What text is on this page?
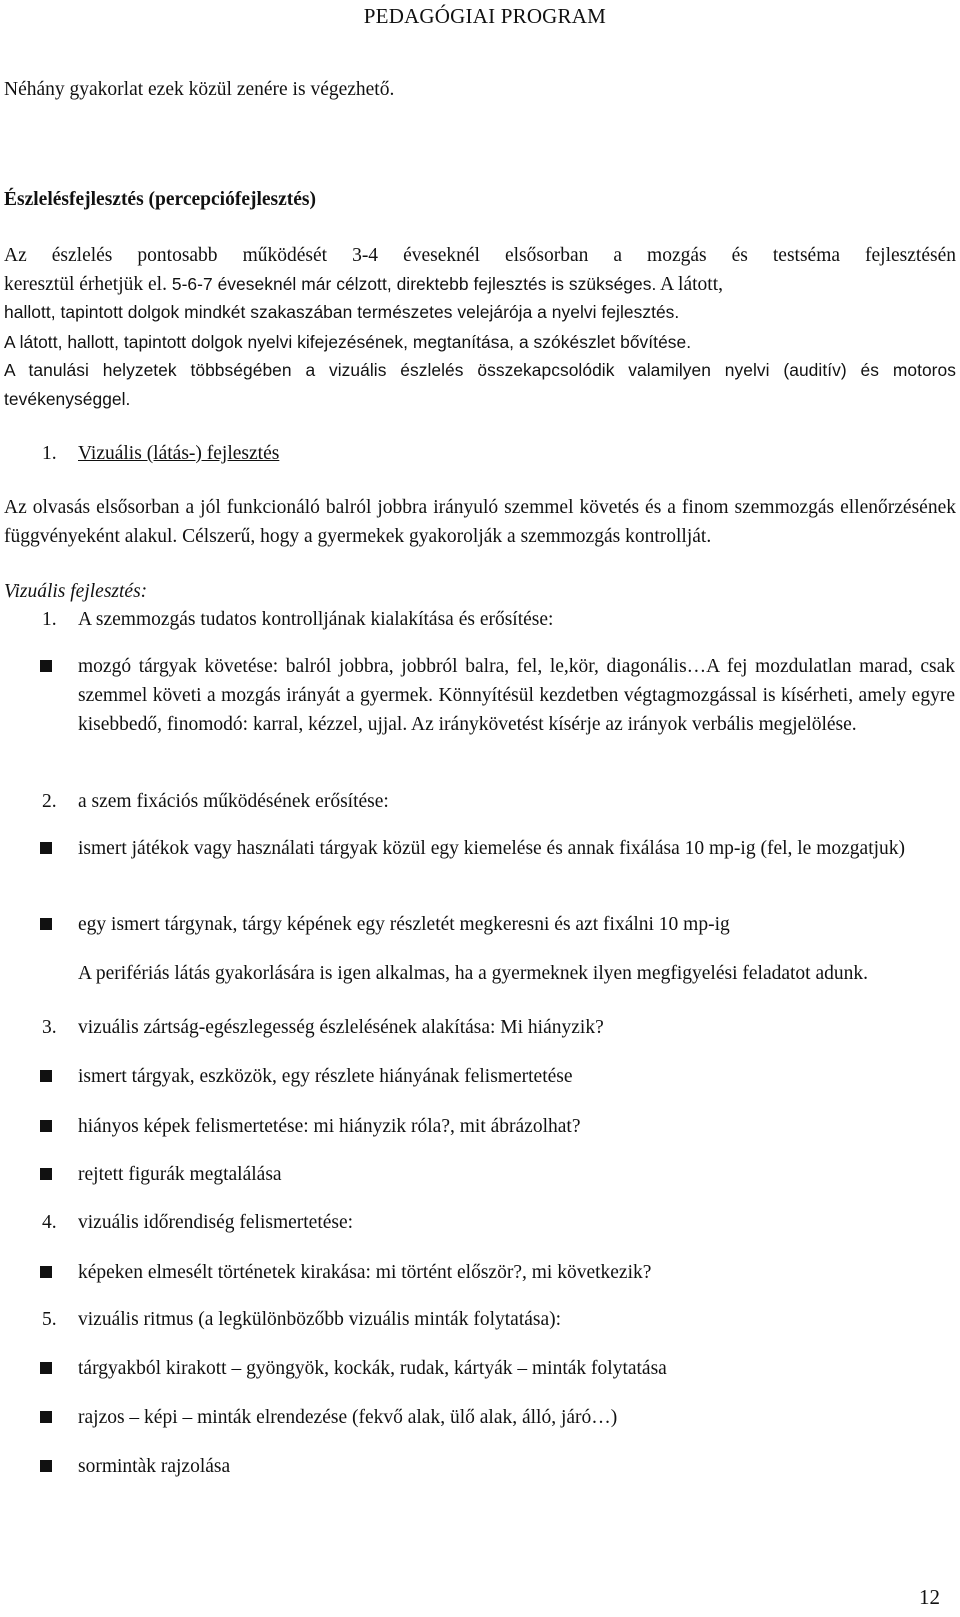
PEDAGÓGIAI PROGRAM
Néhány gyakorlat ezek közül zenére is végezhető.
Észlelésfejlesztés (percepciófejlesztés)
Az észlelés pontosabb működését 3-4 éveseknél elsősorban a mozgás és testséma fejlesztésén
keresztül érhetjük el. 5-6-7 éveseknél már célzott, direktebb fejlesztés is szükséges. A látott,
hallott, tapintott dolgok mindkét szakaszában természetes velejárója a nyelvi fejlesztés.
A látott, hallott, tapintott dolgok nyelvi kifejezésének, megtanítása, a szókészlet bővítése.
A tanulási helyzetek többségében a vizuális észlelés összekapcsolódik valamilyen nyelvi (auditív) és motoros tevékenységgel.
1. Vizuális (látás-) fejlesztés
Az olvasás elsősorban a jól funkcionáló balról jobbra irányuló szemmel követés és a finom szemmozgás ellenőrzésének függvényeként alakul. Célszerű, hogy a gyermekek gyakorolják a szemmozgás kontrollját.
Vizuális fejlesztés:
1. A szemmozgás tudatos kontrolljának kialakítása és erősítése:
mozgó tárgyak követése: balról jobbra, jobbról balra, fel, le,kör, diagonális…A fej mozdulatlan marad, csak szemmel követi a mozgás irányát a gyermek. Könnyítésül kezdetben végtagmozgással is kísérheti, amely egyre kisebbedő, finomodó: karral, kézzel, ujjal. Az iránykövetést kísérje az irányok verbális megjelölése.
2. a szem fixációs működésének erősítése:
ismert játékok vagy használati tárgyak közül egy kiemelése és annak fixálása 10 mp-ig (fel, le mozgatjuk)
egy ismert tárgynak, tárgy képének egy részletét megkeresni és azt fixálni 10 mp-ig
A perifériás látás gyakorlására is igen alkalmas, ha a gyermeknek ilyen megfigyelési feladatot adunk.
3. vizuális zártság-egészlegesség észlelésének alakítása: Mi hiányzik?
ismert tárgyak, eszközök, egy részlete hiányának felismertetése
hiányos képek felismertetése: mi hiányzik róla?, mit ábrázolhat?
rejtett figurák megtalálása
4. vizuális időrendiség felismertetése:
képeken elmesélt történetek kirakása: mi történt először?, mi következik?
5. vizuális ritmus (a legkülönbözőbb vizuális minták folytatása):
tárgyakból kirakott – gyöngyök, kockák, rudak, kártyák – minták folytatása
rajzos – képi – minták elrendezése (fekvő alak, ülő alak, álló, járó…)
sormintàk rajzolása
12
